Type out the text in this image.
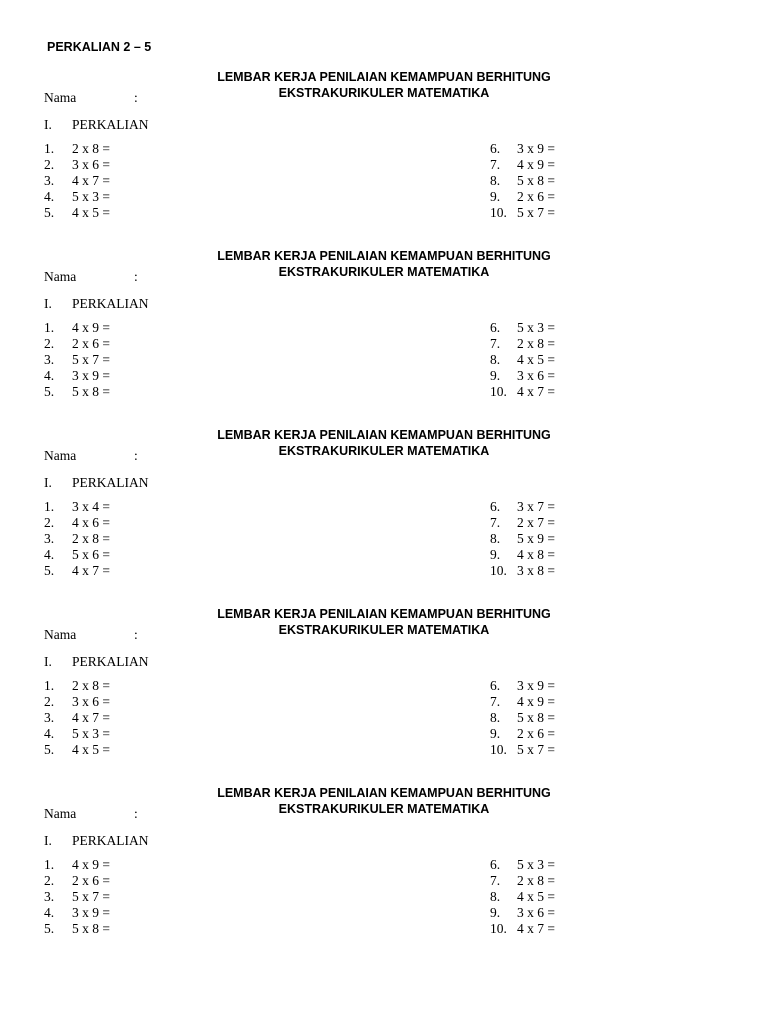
PERKALIAN 2 – 5
LEMBAR KERJA PENILAIAN KEMAMPUAN BERHITUNG
EKSTRAKURIKULER MATEMATIKA
Nama	:
I. PERKALIAN
1. 2 x 8 =	6. 3 x 9 =
2. 3 x 6 =	7. 4 x 9 =
3. 4 x 7 =	8. 5 x 8 =
4. 5 x 3 =	9. 2 x 6 =
5. 4 x 5 =	10. 5 x 7 =
LEMBAR KERJA PENILAIAN KEMAMPUAN BERHITUNG
EKSTRAKURIKULER MATEMATIKA
Nama	:
I. PERKALIAN
1. 4 x 9 =	6. 5 x 3 =
2. 2 x 6 =	7. 2 x 8 =
3. 5 x 7 =	8. 4 x 5 =
4. 3 x 9 =	9. 3 x 6 =
5. 5 x 8 =	10. 4 x 7 =
LEMBAR KERJA PENILAIAN KEMAMPUAN BERHITUNG
EKSTRAKURIKULER MATEMATIKA
Nama	:
I. PERKALIAN
1. 3 x 4 =	6. 3 x 7 =
2. 4 x 6 =	7. 2 x 7 =
3. 2 x 8 =	8. 5 x 9 =
4. 5 x 6 =	9. 4 x 8 =
5. 4 x 7 =	10. 3 x 8 =
LEMBAR KERJA PENILAIAN KEMAMPUAN BERHITUNG
EKSTRAKURIKULER MATEMATIKA
Nama	:
I. PERKALIAN
1. 2 x 8 =	6. 3 x 9 =
2. 3 x 6 =	7. 4 x 9 =
3. 4 x 7 =	8. 5 x 8 =
4. 5 x 3 =	9. 2 x 6 =
5. 4 x 5 =	10. 5 x 7 =
LEMBAR KERJA PENILAIAN KEMAMPUAN BERHITUNG
EKSTRAKURIKULER MATEMATIKA
Nama	:
I. PERKALIAN
1. 4 x 9 =	6. 5 x 3 =
2. 2 x 6 =	7. 2 x 8 =
3. 5 x 7 =	8. 4 x 5 =
4. 3 x 9 =	9. 3 x 6 =
5. 5 x 8 =	10. 4 x 7 =
